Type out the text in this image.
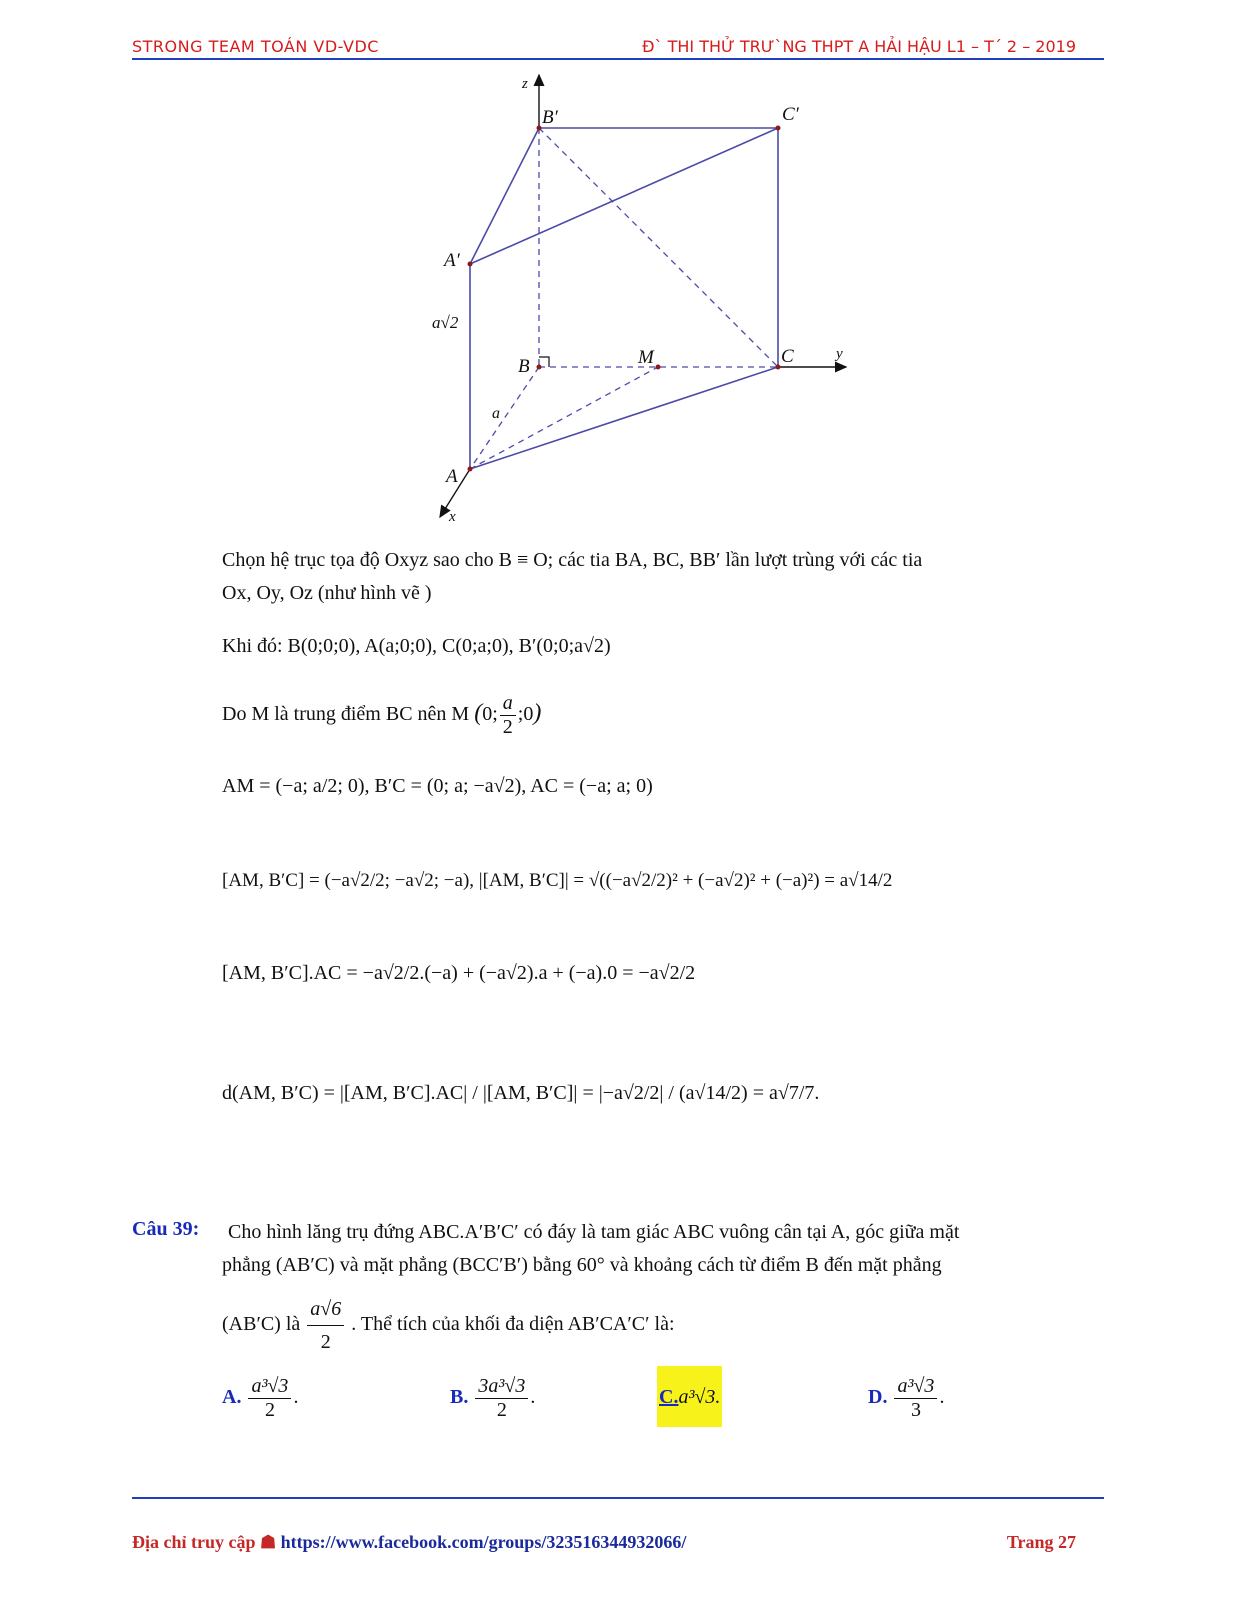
STRONG TEAM TOÁN VD-VDC	Đ` THI THỬ TRƯ`NG THPT A HẢI HẬU L1 – T´ 2 – 2019
z
y
x
B′	C′
A′
B	M	C
A
a
a√2
Chọn hệ trục tọa độ Oxyz sao cho B ≡ O; các tia BA, BC, BB′ lần lượt trùng với các tia
Ox, Oy, Oz (như hình vẽ )
Khi đó: B(0;0;0), A(a;0;0), C(0;a;0), B′(0;0;a√2)
Do M là trung điểm BC nên M (0; $\frac{a}{2}$ ;0)
AM = (−a; a/2; 0), B′C = (0; a; −a√2), AC = (−a; a; 0)
[AM, B′C] = (−a√2/2; −a√2; −a), |[AM, B′C]| = √((−a√2/2)² + (−a√2)² + (−a)²) = a√14/2
[AM, B′C].AC = −a√2/2.(−a) + (−a√2).a + (−a).0 = −a√2/2
d(AM, B′C) = |[AM, B′C].AC| / |[AM, B′C]| = |−a√2/2| / (a√14/2) = a√7/7.
Câu 39: Cho hình lăng trụ đứng ABC.A′B′C′ có đáy là tam giác ABC vuông cân tại A, góc giữa mặt
phẳng (AB′C) và mặt phẳng (BCC′B′) bằng 60° và khoảng cách từ điểm B đến mặt phẳng
(AB′C) là $\frac{a√6}{2}$ . Thể tích của khối đa diện AB′CA′C′ là:
A. $\frac{\text{a³√3}}{2}$ .	B. $\frac{\text{3a³√3}}{2}$ .	C.a³√3.	D. $\frac{\text{a³√3}}{3}$ .
Địa chỉ truy cập ☗ https://www.facebook.com/groups/323516344932066/	Trang 27
